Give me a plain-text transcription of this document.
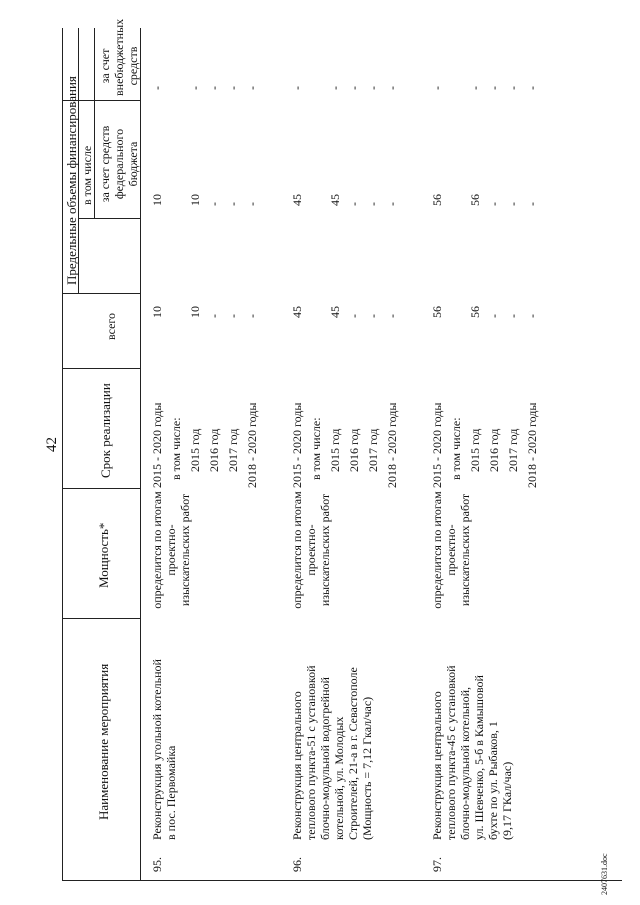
Предельные объемы финансирования в том числе
за счет
внебюджетных
средств
за счет средств
федерального
бюджета
всего
Срок реализации
Мощность*
Наименование мероприятия
95.
Реконструкция угольной котельной
в пос. Первомайка
определится по итогам
проектно-
изыскательских работ
2015 - 2020 годы в том числе: 2015 год 2016 год 2017 год 2018 - 2020 годы
10 10 - - -
10 10 - - -
- - - - -
96.
Реконструкция центрального
теплового пункта-51 с установкой
блочно-модульной водогрейной
котельной, ул. Молодых
Строителей, 21-а в г. Севастополе
(Мощность = 7,12 Гкал/час)
определится по итогам
проектно-
изыскательских работ
2015 - 2020 годы в том числе: 2015 год 2016 год 2017 год 2018 - 2020 годы
45 45 - - -
45 45 - - -
- - - - -
97.
Реконструкция центрального
теплового пункта-45 с установкой
блочно-модульной котельной,
ул. Шевченко, 5-б в Камышовой
бухте по ул. Рыбаков, 1
(9,17 ГКал/час)
определится по итогам
проектно-
изыскательских работ
2015 - 2020 годы в том числе: 2015 год 2016 год 2017 год 2018 - 2020 годы
56 56 - - -
56 56 - - -
- - - - -
42
2407631.doc
